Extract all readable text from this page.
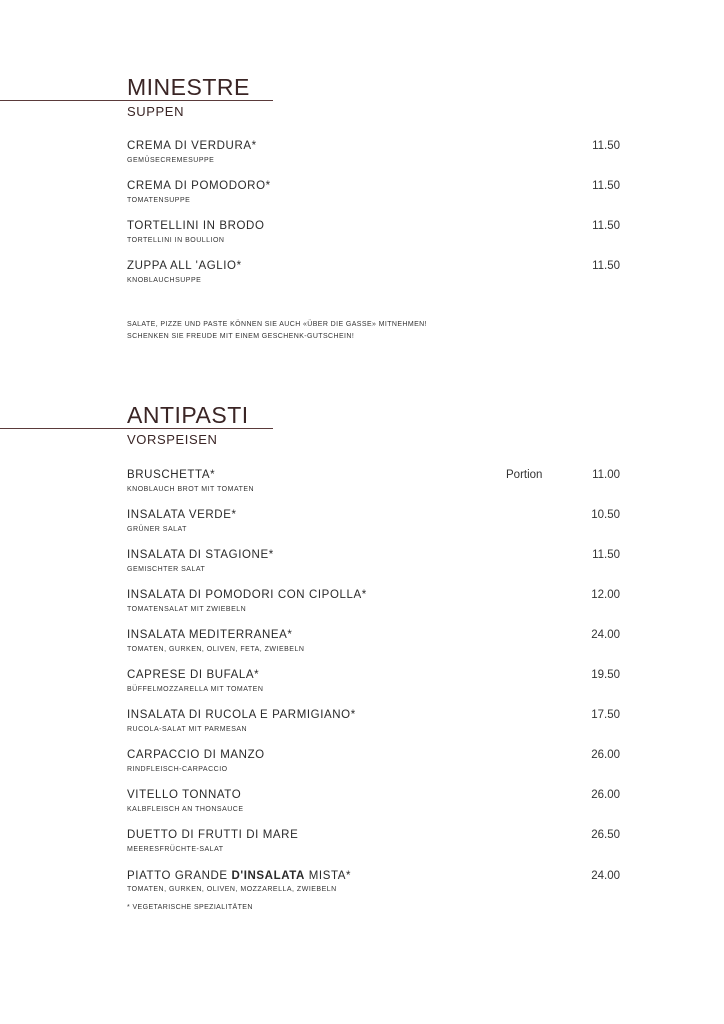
MINESTRE
SUPPEN
CREMA DI VERDURA*
GEMÜSECREMESUPPE
11.50
CREMA DI POMODORO*
TOMATENSUPPE
11.50
TORTELLINI IN BRODO
TORTELLINI IN BOULLION
11.50
ZUPPA ALL 'AGLIO*
KNOBLAUCHSUPPE
11.50
SALATE, PIZZE UND PASTE KÖNNEN SIE AUCH «ÜBER DIE GASSE» MITNEHMEN!
SCHENKEN SIE FREUDE MIT EINEM GESCHENK-GUTSCHEIN!
ANTIPASTI
VORSPEISEN
BRUSCHETTA*
KNOBLAUCH BROT MIT TOMATEN
Portion	11.00
INSALATA VERDE*
GRÜNER SALAT
10.50
INSALATA DI STAGIONE*
GEMISCHTER SALAT
11.50
INSALATA DI POMODORI CON CIPOLLA*
TOMATENSALAT MIT ZWIEBELN
12.00
INSALATA MEDITERRANEA*
TOMATEN, GURKEN, OLIVEN, FETA, ZWIEBELN
24.00
CAPRESE DI BUFALA*
BÜFFELMOZZARELLA MIT TOMATEN
19.50
INSALATA DI RUCOLA E PARMIGIANO*
RUCOLA-SALAT MIT PARMESAN
17.50
CARPACCIO DI MANZO
RINDFLEISCH-CARPACCIO
26.00
VITELLO TONNATO
KALBFLEISCH AN THONSAUCE
26.00
DUETTO DI FRUTTI DI MARE
MEERESFRÜCHTE-SALAT
26.50
PIATTO GRANDE D'INSALATA MISTA*
TOMATEN, GURKEN, OLIVEN, MOZZARELLA, ZWIEBELN
24.00
* VEGETARISCHE SPEZIALITÄTEN
